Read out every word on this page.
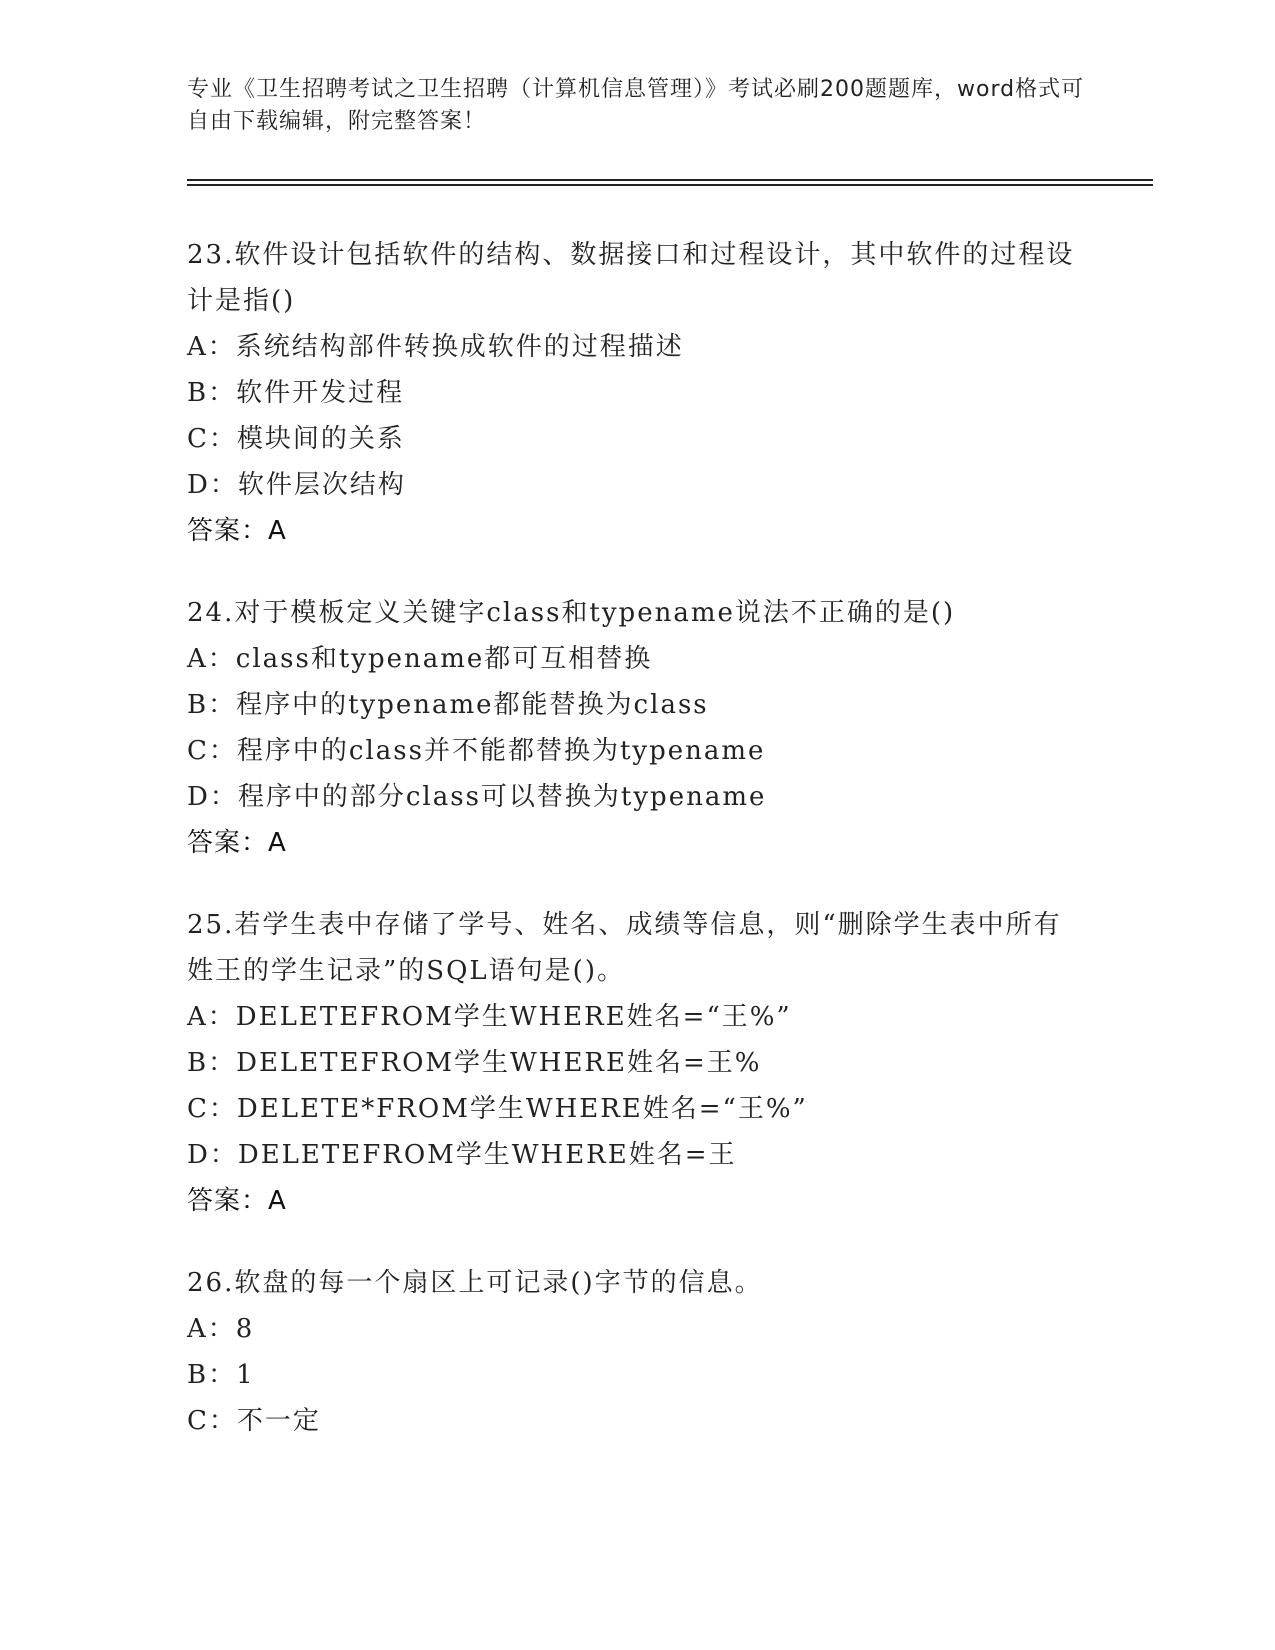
专业《卫生招聘考试之卫生招聘（计算机信息管理）》考试必刷200题题库，word格式可自由下载编辑，附完整答案！
23.软件设计包括软件的结构、数据接口和过程设计，其中软件的过程设计是指()
A：系统结构部件转换成软件的过程描述
B：软件开发过程
C：模块间的关系
D：软件层次结构
答案：A
24.对于模板定义关键字class和typename说法不正确的是()
A：class和typename都可互相替换
B：程序中的typename都能替换为class
C：程序中的class并不能都替换为typename
D：程序中的部分class可以替换为typename
答案：A
25.若学生表中存储了学号、姓名、成绩等信息，则“删除学生表中所有姓王的学生记录”的SQL语句是()。
A：DELETEFROM学生WHERE姓名=“王%”
B：DELETEFROM学生WHERE姓名=王%
C：DELETE*FROM学生WHERE姓名=“王%”
D：DELETEFROM学生WHERE姓名=王
答案：A
26.软盘的每一个扇区上可记录()字节的信息。
A：8
B：1
C：不一定
